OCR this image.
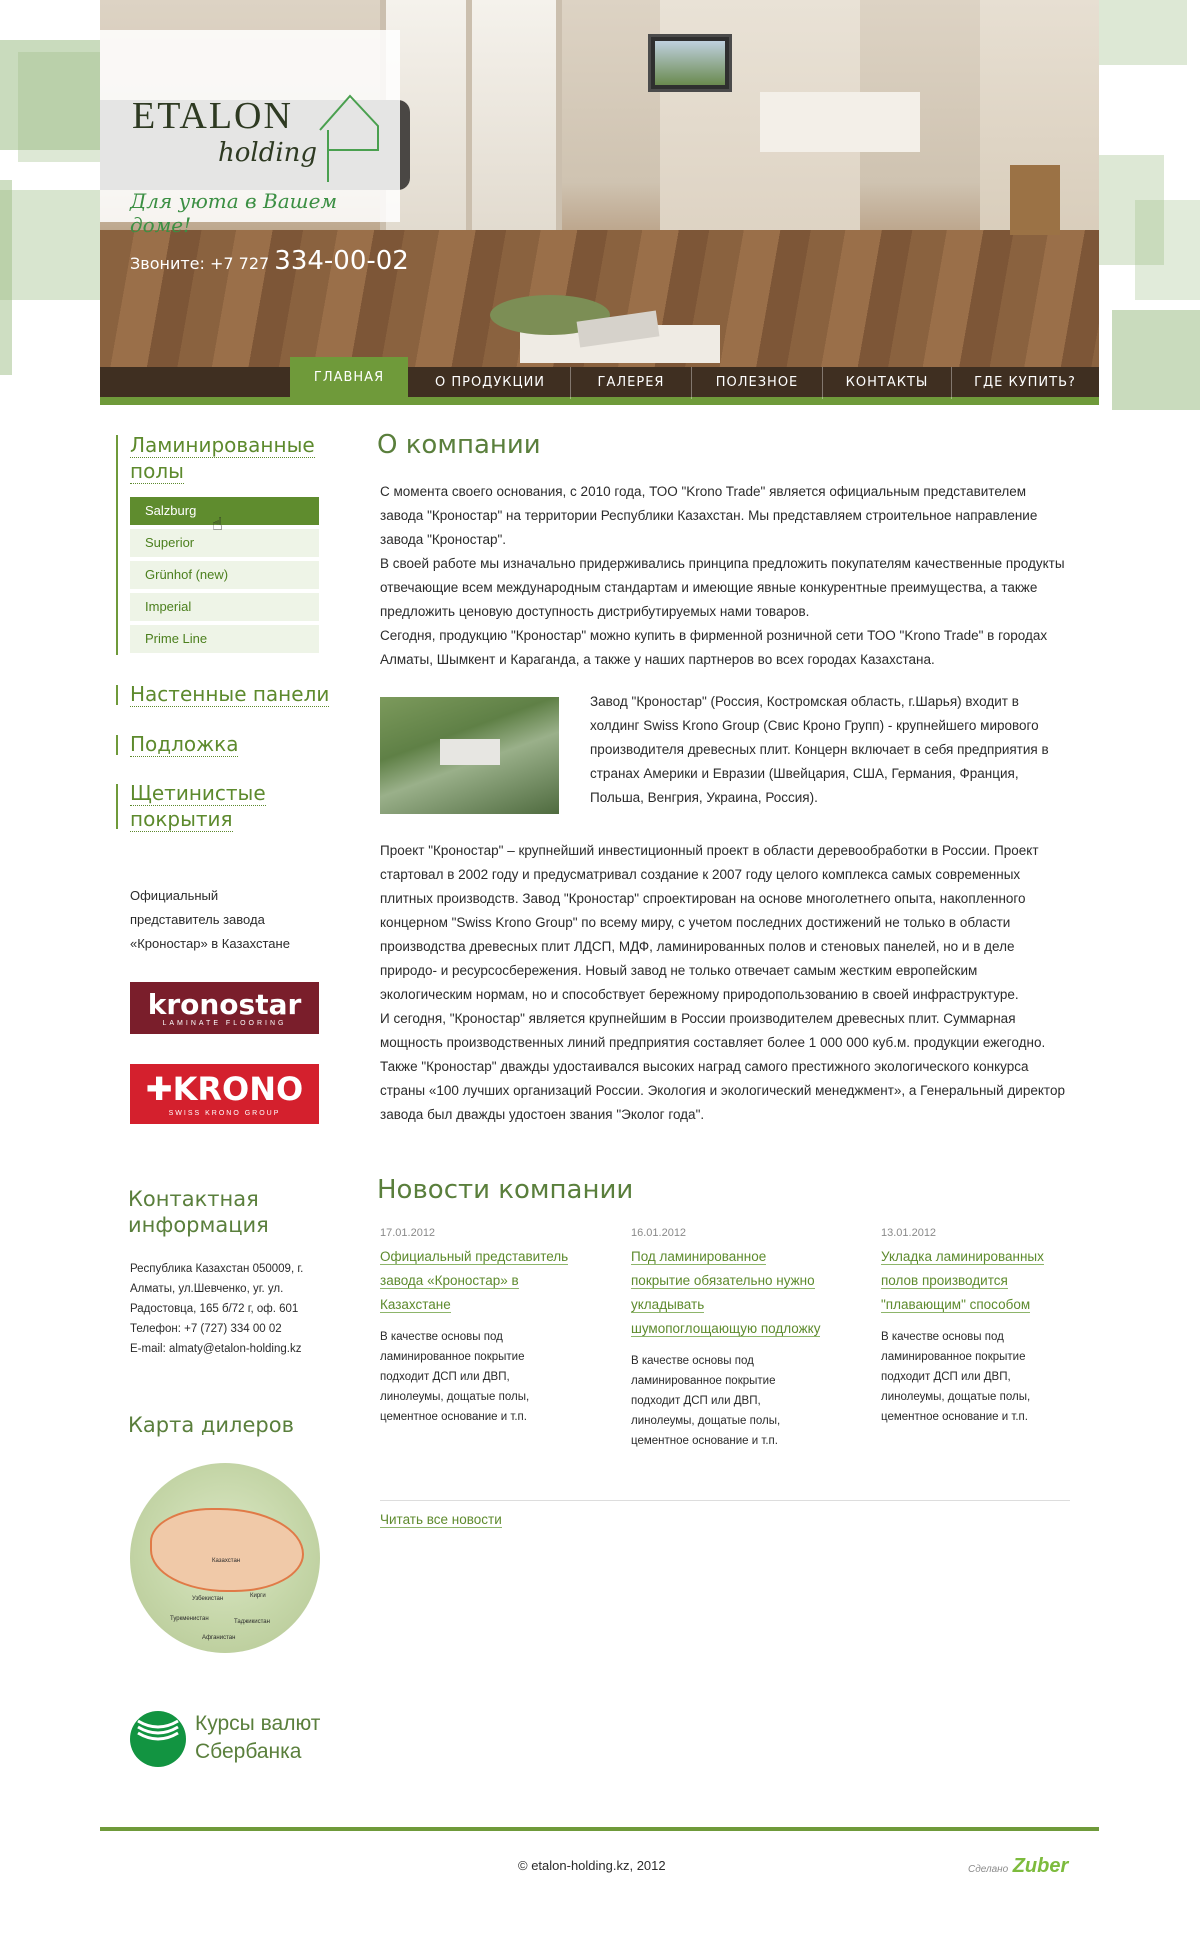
ETALON
holding
Для уюта в Вашем доме!
Звоните: +7 727 334-00-02
ГЛАВНАЯ	О ПРОДУКЦИИ	ГАЛЕРЕЯ	ПОЛЕЗНОЕ	КОНТАКТЫ	ГДЕ КУПИТЬ?
Ламинированные
полы
Salzburg
Superior
Grünhof (new)
Imperial
Prime Line
☝
Настенные панели
Подложка
Щетинистые
покрытия
Официальный
представитель завода
«Кроностар» в Казахстане
kronostar
LAMINATE FLOORING
✚KRONO
SWISS KRONO GROUP
Контактная
информация
Республика Казахстан 050009, г.
Алматы, ул.Шевченко, уг. ул.
Радостовца, 165 б/72 г, оф. 601
Телефон: +7 (727) 334 00 02
E-mail: almaty@etalon-holding.kz
Карта дилеров
Казахстан
Узбекистан	Кирги
Туркменистан	Таджикистан
Афганистан
Курсы валют
Сбербанка
О компании
С момента своего основания, с 2010 года, ТОО "Krono Trade" является официальным представителем завода "Кроностар" на территории Республики Казахстан. Мы представляем строительное направление завода "Кроностар".
В своей работе мы изначально придерживались принципа предложить покупателям качественные продукты отвечающие всем международным стандартам и имеющие явные конкурентные преимущества, а также предложить ценовую доступность дистрибутируемых нами товаров.
Сегодня, продукцию "Кроностар" можно купить в фирменной розничной сети ТОО "Krono Trade" в городах Алматы, Шымкент и Караганда, а также у наших партнеров во всех городах Казахстана.
Завод "Кроностар" (Россия, Костромская область, г.Шарья) входит в холдинг Swiss Krono Group (Свис Кроно Групп) - крупнейшего мирового производителя древесных плит. Концерн включает в себя предприятия в странах Америки и Евразии (Швейцария, США, Германия, Франция, Польша, Венгрия, Украина, Россия).
Проект "Кроностар" – крупнейший инвестиционный проект в области деревообработки в России. Проект стартовал в 2002 году и предусматривал создание к 2007 году целого комплекса самых современных плитных производств. Завод "Кроностар" спроектирован на основе многолетнего опыта, накопленного концерном "Swiss Krono Group" по всему миру, с учетом последних достижений не только в области производства древесных плит ЛДСП, МДФ, ламинированных полов и стеновых панелей, но и в деле природо- и ресурсосбережения. Новый завод не только отвечает самым жестким европейским экологическим нормам, но и способствует бережному природопользованию в своей инфраструктуре.
И сегодня, "Кроностар" является крупнейшим в России производителем древесных плит. Суммарная мощность производственных линий предприятия составляет более 1 000 000 куб.м. продукции ежегодно. Также "Кроностар" дважды удостаивался высоких наград самого престижного экологического конкурса страны «100 лучших организаций России. Экология и экологический менеджмент», а Генеральный директор завода был дважды удостоен звания "Эколог года".
Новости компании
17.01.2012
Официальный представитель завода «Кроностар» в Казахстане
В качестве основы под ламинированное покрытие подходит ДСП или ДВП, линолеумы, дощатые полы, цементное основание и т.п.
16.01.2012
Под ламинированное покрытие обязательно нужно укладывать шумопоглощающую подложку
В качестве основы под ламинированное покрытие подходит ДСП или ДВП, линолеумы, дощатые полы, цементное основание и т.п.
13.01.2012
Укладка ламинированных полов производится "плавающим" способом
В качестве основы под ламинированное покрытие подходит ДСП или ДВП, линолеумы, дощатые полы, цементное основание и т.п.
Читать все новости
© etalon-holding.kz, 2012	Сделано Zuber
